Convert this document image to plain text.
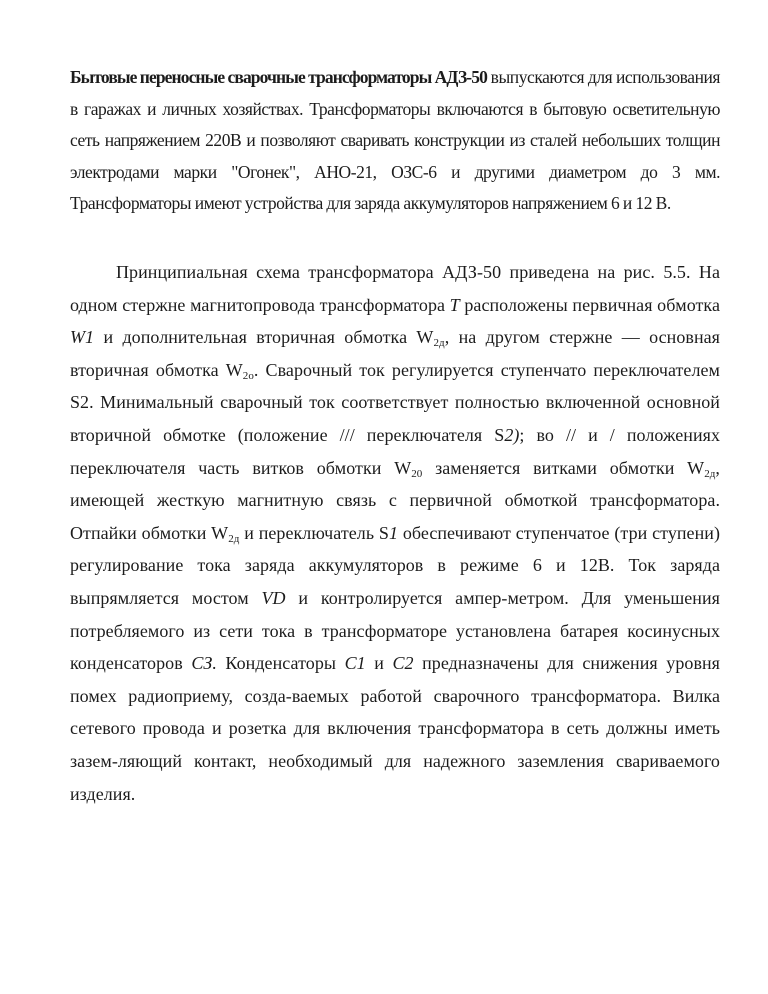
Бытовые переносные сварочные трансформаторы АДЗ-50 выпускаются для использования в гаражах и личных хозяйствах. Трансформаторы включаются в бытовую осветительную сеть напряжением 220В и позволяют сваривать конструкции из сталей небольших толщин электродами марки "Огонек", АНО-21, ОЗС-6 и другими диаметром до 3 мм. Трансформаторы имеют устройства для заряда аккумуляторов напряжением 6 и 12 В.

Принципиальная схема трансформатора АДЗ-50 приведена на рис. 5.5. На одном стержне магнитопровода трансформатора Т расположены первичная обмотка W1 и дополнительная вторичная обмотка $W_{2д}$, на другом стержне — основная вторичная обмотка $W_{2о}$. Сварочный ток регулируется ступенчато переключателем S2. Минимальный сварочный ток соответствует полностью включенной основной вторичной обмотке (положение /// переключателя S2); во // и / положениях переключателя часть витков обмотки $W_{20}$ заменяется витками обмотки $W_{2д}$, имеющей жесткую магнитную связь с первичной обмоткой трансформатора. Отпайки обмотки $W_{2д}$ и переключатель S1 обеспечивают ступенчатое (три ступени) регулирование тока заряда аккумуляторов в режиме 6 и 12В. Ток заряда выпрямляется мостом VD и контролируется ампер-метром. Для уменьшения потребляемого из сети тока в трансформаторе установлена батарея косинусных конденсаторов СЗ. Конденсаторы С1 и С2 предназначены для снижения уровня помех радиоприему, созда-ваемых работой сварочного трансформатора. Вилка сетевого провода и розетка для включения трансформатора в сеть должны иметь зазем-ляющий контакт, необходимый для надежного заземления свариваемого изделия.
